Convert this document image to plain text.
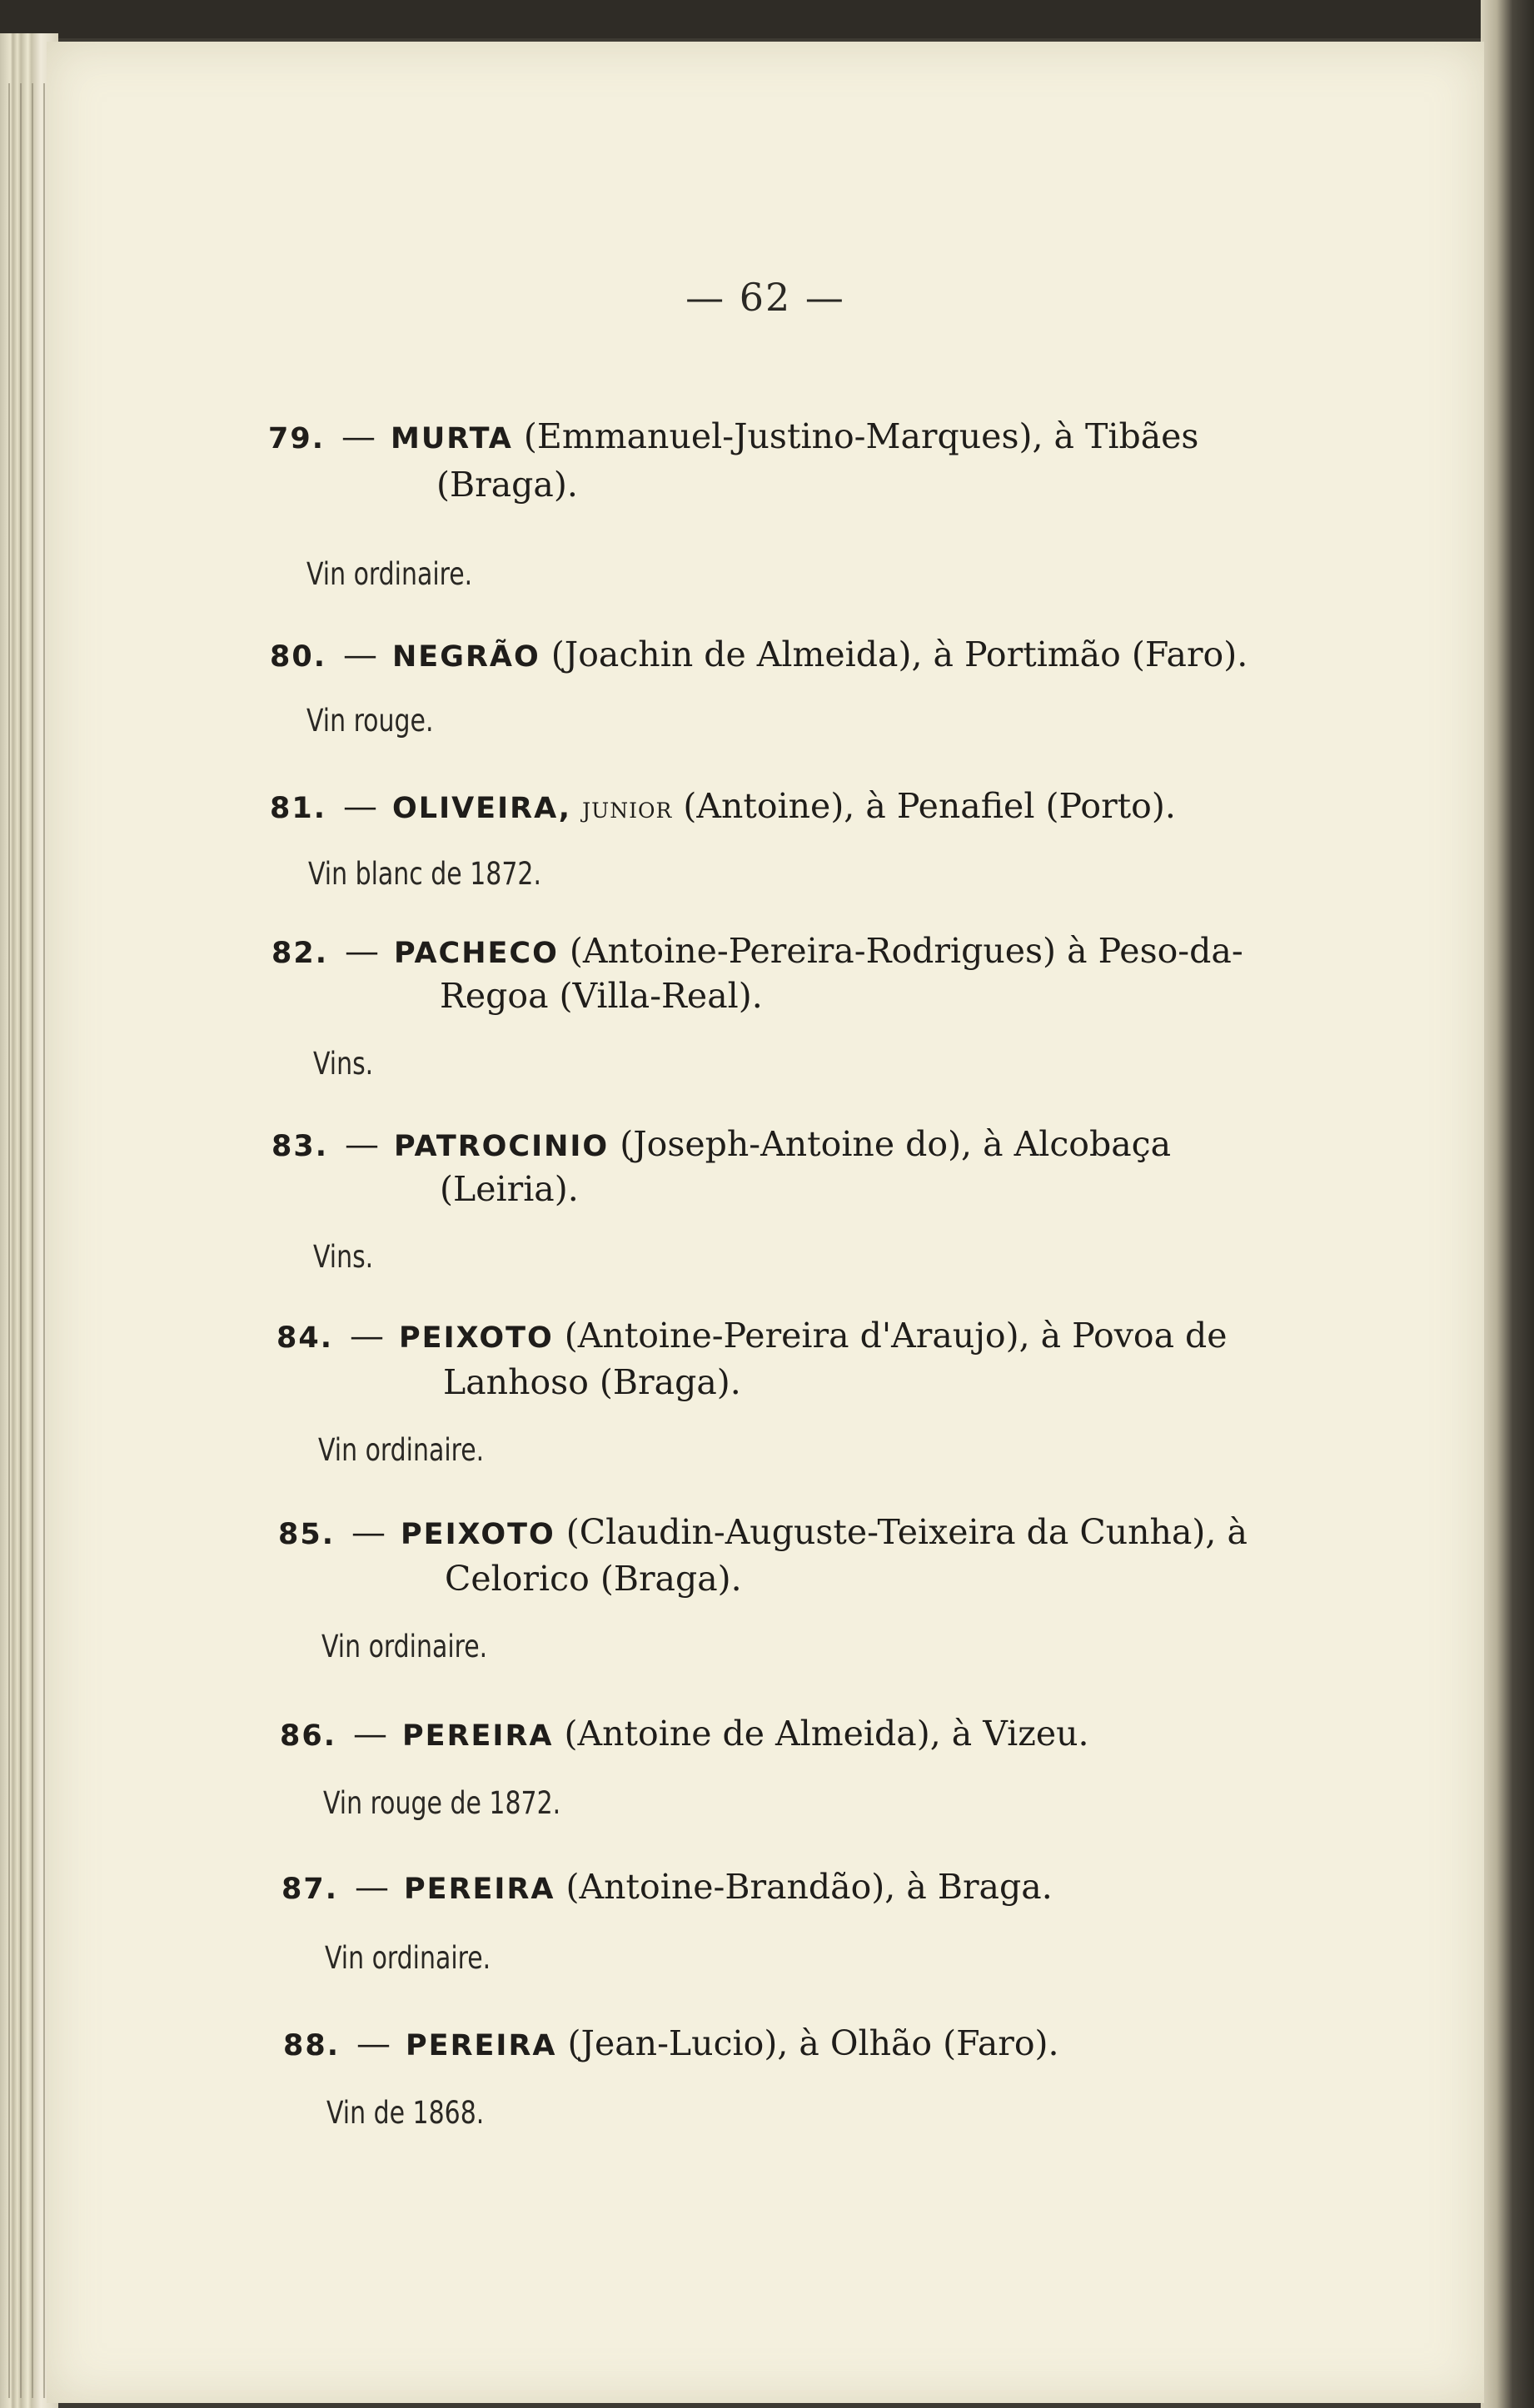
— 62 —
79. — MURTA (Emmanuel-Justino-Marques), à Tibães
(Braga).
Vin ordinaire.
80. — NEGRÃO (Joachin de Almeida), à Portimão (Faro).
Vin rouge.
81. — OLIVEIRA, junior (Antoine), à Penafiel (Porto).
Vin blanc de 1872.
82. — PACHECO (Antoine-Pereira-Rodrigues) à Peso-da-
Regoa (Villa-Real).
Vins.
83. — PATROCINIO (Joseph-Antoine do), à Alcobaça
(Leiria).
Vins.
84. — PEIXOTO (Antoine-Pereira d'Araujo), à Povoa de
Lanhoso (Braga).
Vin ordinaire.
85. — PEIXOTO (Claudin-Auguste-Teixeira da Cunha), à
Celorico (Braga).
Vin ordinaire.
86. — PEREIRA (Antoine de Almeida), à Vizeu.
Vin rouge de 1872.
87. — PEREIRA (Antoine-Brandão), à Braga.
Vin ordinaire.
88. — PEREIRA (Jean-Lucio), à Olhão (Faro).
Vin de 1868.
